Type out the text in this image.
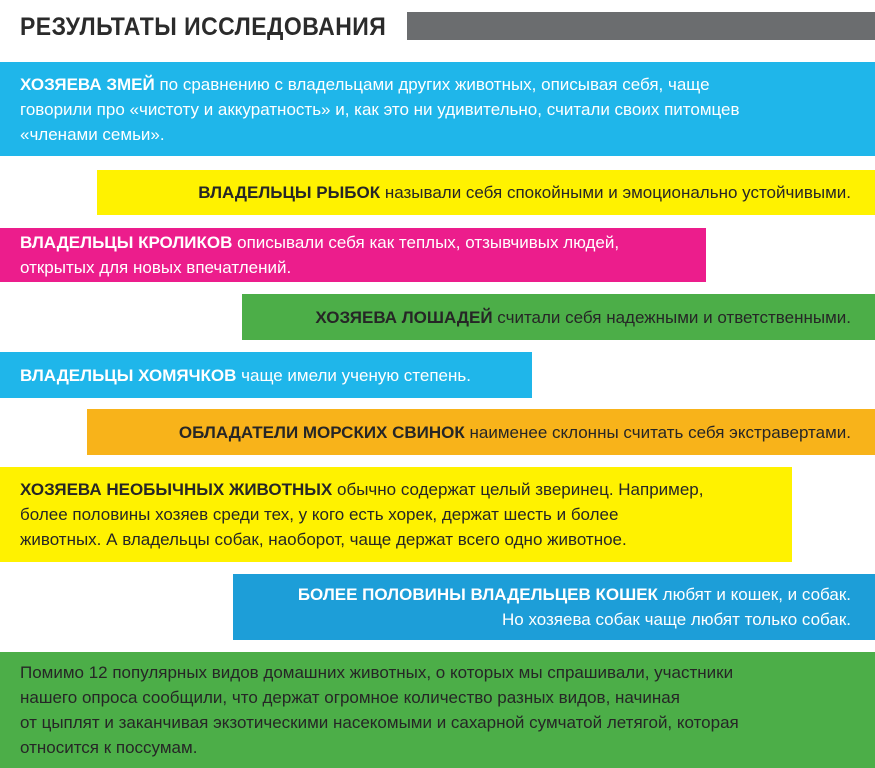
РЕЗУЛЬТАТЫ ИССЛЕДОВАНИЯ

ХОЗЯЕВА ЗМЕЙ по сравнению с владельцами других животных, описывая себя, чаще

говорили про «чистоту и аккуратность» и, как это ни удивительно, считали своих питомцев

«членами семьи».

ВЛАДЕЛЬЦЫ РЫБОК называли себя спокойными и эмоционально устойчивыми.

ВЛАДЕЛЬЦЫ КРОЛИКОВ описывали себя как теплых, отзывчивых людей,

открытых для новых впечатлений.

ХОЗЯЕВА ЛОШАДЕЙ считали себя надежными и ответственными.

ВЛАДЕЛЬЦЫ ХОМЯЧКОВ чаще имели ученую степень.

ОБЛАДАТЕЛИ МОРСКИХ СВИНОК наименее склонны считать себя экстравертами.

ХОЗЯЕВА НЕОБЫЧНЫХ ЖИВОТНЫХ обычно содержат целый зверинец. Например,

более половины хозяев среди тех, у кого есть хорек, держат шесть и более

животных. А владельцы собак, наоборот, чаще держат всего одно животное.

БОЛЕЕ ПОЛОВИНЫ ВЛАДЕЛЬЦЕВ КОШЕК любят и кошек, и собак.

Но хозяева собак чаще любят только собак.

Помимо 12 популярных видов домашних животных, о которых мы спрашивали, участники

нашего опроса сообщили, что держат огромное количество разных видов, начиная

от цыплят и заканчивая экзотическими насекомыми и сахарной сумчатой летягой, которая

относится к поссумам.
